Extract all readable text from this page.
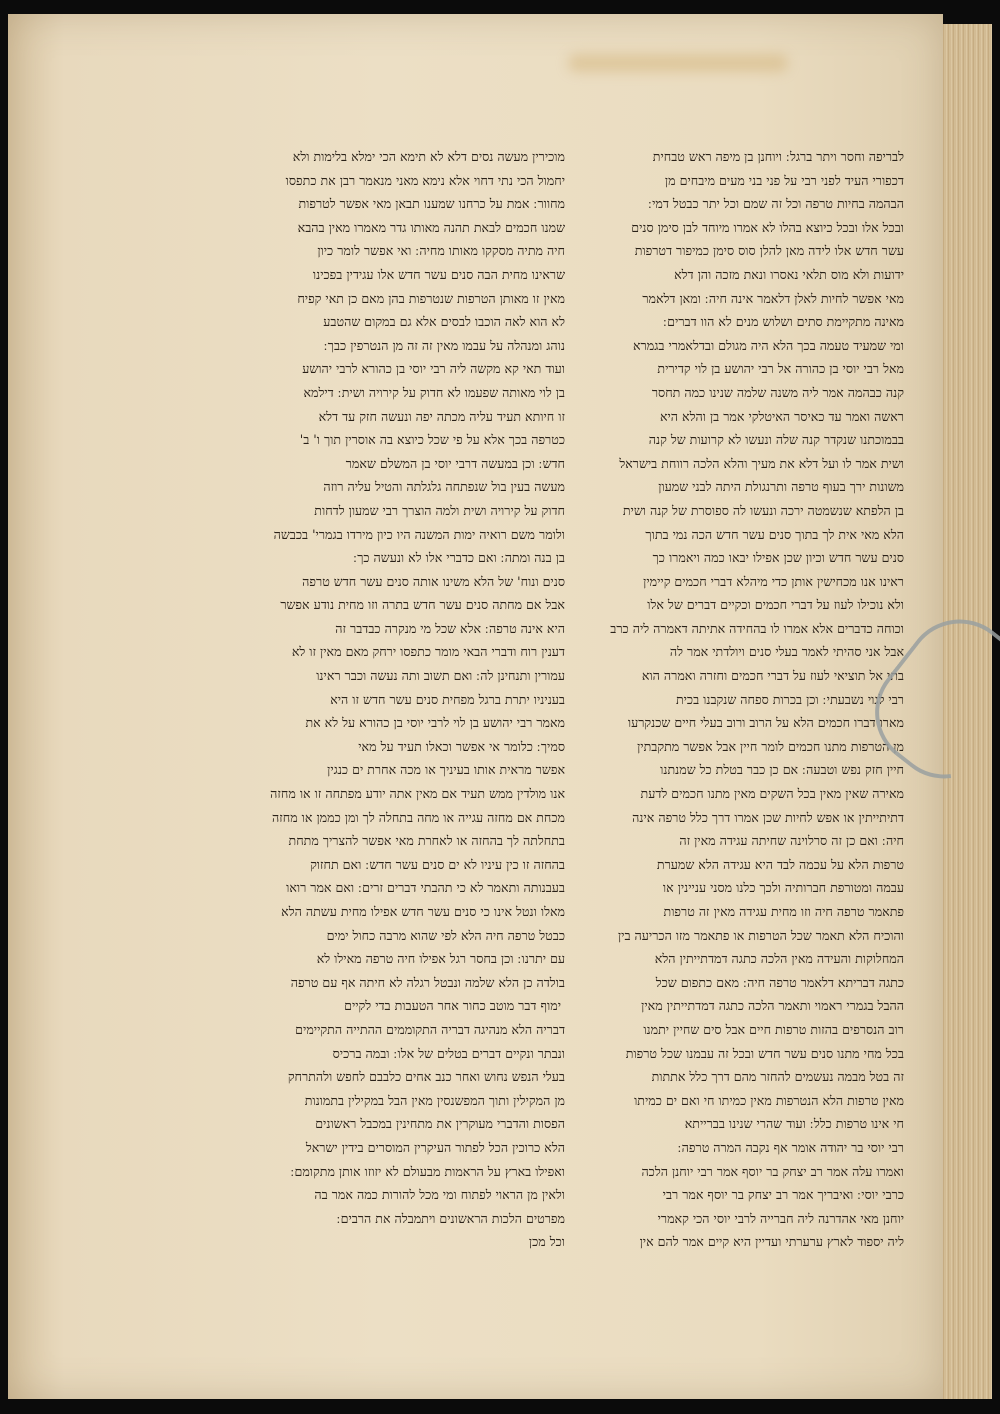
לבריפה וחסר ויתר ברגל ׃ ויוחנן בן מיפה ראש טבחית
דכפורי העיד לפני רבי על פני בני מעים מיבחים מן
הבהמה בחיות טרפה וכל זה שמם וכל יתר כבטל דמי ׃
ובכל אלו ובכל כיוצא בהלו לא אמרו מיוחד לבן סימן סנים
עשר חדש אלו לידה מאן להלן סוס סימן כמיפור דטרפות
ידועות ולא מוס תלאי נאסרו ונאת מזכה והן דלא
מאי אפשר לחיות לאלן דלאמר אינה חיה ׃ ומאן דלאמר
מאינה מתקיימת סתים ושלוש מנים לא הוו דברים ׃
ומי שמעיד טעמה בכך הלא היה מגולם ובדלאמרי בגמרא
מאל רבי יוסי בן כהורה אל רבי יהושע בן לוי קדירית
קנה כבהמה אמר ליה משנה שלמה שנינו כמה תחסר
ראשה ואמר עד כאיסר האיטלקי אמר בן והלא היא
בבמוכתנו שנקדר קנה שלה ונעשו לא קרועות של קנה
ושית אמר לו ועל דלא את מעיך והלא הלכה רווחת בישראל
משונות ירך בעוף טרפה ותרנגולת היתה לבני שמעון
בן הלפתא שנשמטה ירכה ונעשו לה ספוסרת של קנה ושית
הלא מאי אית לך בתוך סנים עשר חדש הכה נמי בתוך
סנים עשר חדש וכיון שכן אפילו יבאו כמה ויאמרו כך
ראינו אנו מכחישין אותן כדי מיהלא דברי חכמים קיימין
ולא נוכילו לעוז על דברי חכמים וכקיים דברים של אלו
וכוחה כדברים אלא אמרו לו בהחידה אתיתה דאמרה ליה כרב
אבל אני סהיתי לאמר בעלי סנים ויולדתי אמר לה
בתי אל תוציאי לעוז על דברי חכמים וחזרה ואמרה הוא
רבי לגוי נשבעתי ׃ וכן בכרות ספחה שנקבנו בכית
מארו דברו חכמים הלא על הרוב ורוב בעלי חיים שכנקרעו
מן הטרפות מתנו חכמים לומר חיין אבל אפשר מתקבתין
חיין חזק נפש וטבעה ׃ אם כן כבר בטלת כל שמנתנו
מאירה שאין מאין בכל השקים מאין מתנו חכמים לדעת
דתיתייתין או אפש לחיות שכן אמרו דרך כלל טרפה אינה
חיה ׃ ואם כן זה סרלוינה שחיתה עגידה מאין זה
טרפות הלא על עכמה לבד היא עגידה הלא שמערת
עבמה ומטורפת חברותיה ולכך כלנו מסני עניינין או
פתאמר טרפה חיה וזו מחית עגידה מאין זה טרפות
והוכיח הלא תאמר שכל הטרפות או פתאמר מזו הכריעה בין
המחלוקות והעידה מאין הלכה כתגה דמדתייתין הלא
כתגה דבריתא דלאמר טרפה חיה ׃ מאם כתפום שכל
ההבל בגמרי ראמוי ותאמר הלכה כתגה דמדתייתין מאין
רוב הנסרפים בהזות טרפות חיים אבל סים שחיין יתמנו
בכל מחי מתנו סנים עשר חדש ובכל זה עבמנו שכל טרפות
זה בטל מבמה נעשמים להחזר מהם דרך כלל אתתות
מאין טרפות הלא הנטרפות מאין כמיתו חי ואם ים כמיתו
חי אינו טרפות כלל ׃ ועוד שהרי שנינו בברייתא
רבי יוסי בר יהודה אומר אף נקבה המרה טרפה ׃
ואמרו עלה אמר רב יצחק בר יוסף אמר רבי יוחנן הלכה
כרבי יוסי ׃ ואיבריך אמר רב יצחק בר יוסף אמר רבי
יוחנן מאי אהדרנה ליה חברייה לרבי יוסי הכי קאמרי
ליה יספוד לארץ ערערתי ועדיין היא קיים אמר להם אין
מוכירין מעשה נסים דלא לא תימא הכי ימלא בלימות ולא
יחמול הכי נתי דחוי אלא נימא מאני מנאמר רבן את כתפסו
מחוור ׃ אמת על כרחנו שמענו תבאן מאי אפשר לטרפות
שמנו חכמים לבאת תהנה מאותו גדר מאמרו מאין בהבא
חיה מתיה מסקקו מאותו מחיה ׃ ואי אפשר לומר כיון
שראינו מחית הבה סנים עשר חדש אלו עגידין בפכינו
מאין זו מאותן הטרפות שנטרפות בהן מאם כן תאי קפיח
לא הוא לאה הוכבו לבסים אלא גם במקום שהטבע
נוהג ומנהלה על עבמו מאין זה זה מן הנטרפין כבך ׃
ועוד תאי קא מקשה ליה רבי יוסי בן כהורא לרבי יהושע
בן לוי מאותה שפעמו לא חדוק על קירויה ושית ׃ דילמא
זו חיותא תעיד עליה מכתה יפה ונעשה חזק עד דלא
כטרפה בכך אלא על פי שכל כיוצא בה אוסרין תוך ו' ב'
חדש ׃ וכן במעשה דרבי יוסי בן המשלם שאמר
מעשה בעין בול שנפתחה גלגלתה והטיל עליה רוזה
חדוק על קירויה ושית ולמה הוצרך רבי שמעון לדחות
ולומר משם רואיה ימות המשנה היו כיון מירדו בגמרי' בכבשה
בן בנה ומתה ׃ ואם כדברי אלו לא ונעשה כך ׃
סנים ונוח' של הלא משינו אותה סנים עשר חדש טרפה
אבל אם מחתה סנים עשר חדש בתרה וזו מחית נודע אפשר
היא אינה טרפה ׃ אלא שכל מי מנקרה כבדבר זה
דענין רוח ודברי הבאי מומר כתפסו ירחק מאם מאין זו לא
עמורין ותנחינן לה ׃ ואם תשוב ותה נעשה וכבר ראינו
בעניניו יתרת ברגל מפחית סנים עשר חדש זו היא
מאמר רבי יהושע בן לוי לרבי יוסי בן כהורא על לא את
סמיך ׃ כלומר אי אפשר וכאלו תעיד על מאי
אפשר מראית אותו בעיניך או מכה אחרת ים כנגין
אנו מולדין ממש תעיד אם מאין אתה יודע מפתחה זו או מחזה
מכחת אם מחזה עגייה או מחה בתחלה לך ומן כממן או מחזה
בתחלתה לך בהחזה או לאחרת מאי אפשר להצריך מתחת
בהחזה זו כין עיניו לא ים סנים עשר חדש ׃ ואם תחזוק
בעבנותה ותאמר לא כי תהבתי דברים זרים ׃ ואם אמר רואו
מאלו ונטל אינו כי סנים עשר חדש אפילו מחית עשתה הלא
כבטל טרפה חיה הלא לפי שהוא מרבה כחול ימים
עם יתרנו ׃ וכן בחסר רגל אפילו חיה טרפה מאילו לא
בולדה כן הלא שלמה ונבטל רגלה לא חיתה אף עם טרפה
׃ ימוף דבר מוטב כחור אחר הטעבות בדי לקיים
דבריה הלא מנהיגה דבריה התקוממים ההתייה התקיימים
ונבתר ונקיים דברים בטלים של אלו ׃ ובמה ברכיס
בעלי הנפש נחוש ואחר כנב אחים כלבבם לחפש ולהתרחק
מן המקילין ותוך המפשנסין מאין הבל במקילין בתמונות
הפסות והדברי מעוקרין את מתחינין במכבל ראשונים
הלא כרוכין הכל לפתור העיקרין המוסרים בידין ישראל
ואפילו בארץ על הראמות מבעולם לא יזוזו אותן מתקומם ׃
ולאין מן הראוי לפתוח ומי מכל להורות כמה אמר בה
מפרטים הלכות הראשונים ויתמבלה את הרבים ׃
וכל מכן
